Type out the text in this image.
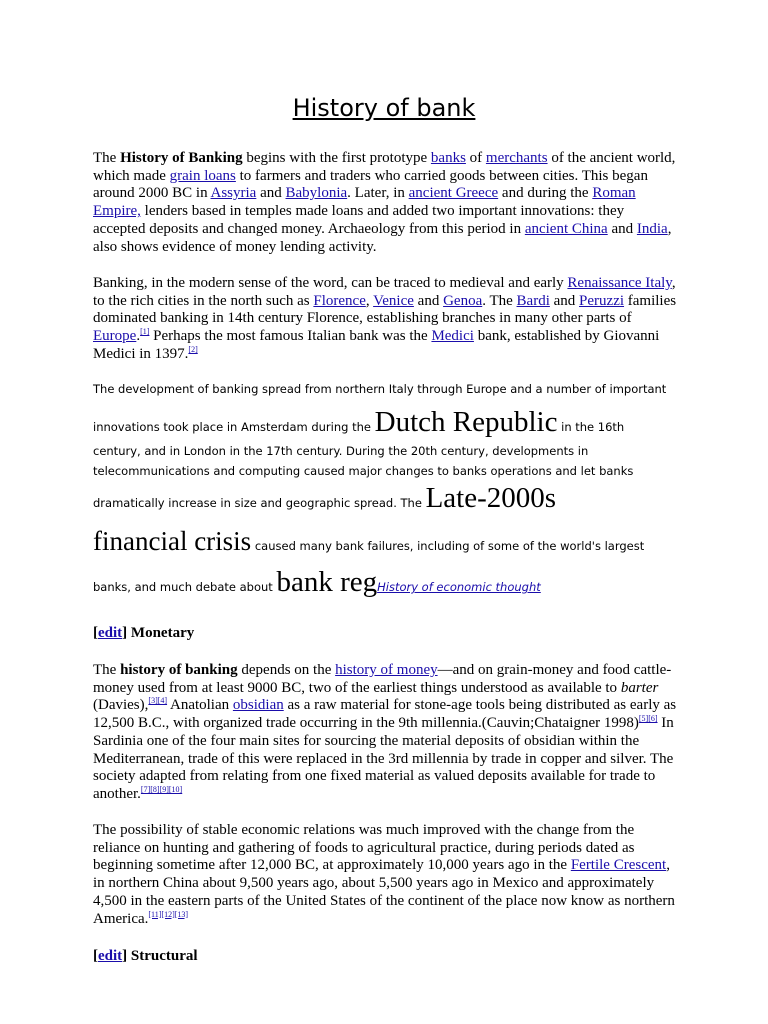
History of bank

The History of Banking begins with the first prototype banks of merchants of the ancient world, which made grain loans to farmers and traders who carried goods between cities. This began around 2000 BC in Assyria and Babylonia. Later, in ancient Greece and during the Roman Empire, lenders based in temples made loans and added two important innovations: they accepted deposits and changed money. Archaeology from this period in ancient China and India, also shows evidence of money lending activity.

Banking, in the modern sense of the word, can be traced to medieval and early Renaissance Italy, to the rich cities in the north such as Florence, Venice and Genoa. The Bardi and Peruzzi families dominated banking in 14th century Florence, establishing branches in many other parts of Europe.[1] Perhaps the most famous Italian bank was the Medici bank, established by Giovanni Medici in 1397.[2]

The development of banking spread from northern Italy through Europe and a number of important
innovations took place in Amsterdam during the Dutch Republic in the 16th
century, and in London in the 17th century. During the 20th century, developments in
telecommunications and computing caused major changes to banks operations and let banks
dramatically increase in size and geographic spread. The Late-2000s
financial crisis caused many bank failures, including of some of the world's largest
banks, and much debate about bank regHistory of economic thought
[edit] Monetary

The history of banking depends on the history of money—and on grain-money and food cattle-money used from at least 9000 BC, two of the earliest things understood as available to barter (Davies),[3][4] Anatolian obsidian as a raw material for stone-age tools being distributed as early as 12,500 B.C., with organized trade occurring in the 9th millennia.(Cauvin;Chataigner 1998)[5][6] In Sardinia one of the four main sites for sourcing the material deposits of obsidian within the Mediterranean, trade of this were replaced in the 3rd millennia by trade in copper and silver. The society adapted from relating from one fixed material as valued deposits available for trade to another.[7][8][9][10]

The possibility of stable economic relations was much improved with the change from the reliance on hunting and gathering of foods to agricultural practice, during periods dated as beginning sometime after 12,000 BC, at approximately 10,000 years ago in the Fertile Crescent, in northern China about 9,500 years ago, about 5,500 years ago in Mexico and approximately 4,500 in the eastern parts of the United States of the continent of the place now know as northern America.[11][12][13]

[edit] Structural
